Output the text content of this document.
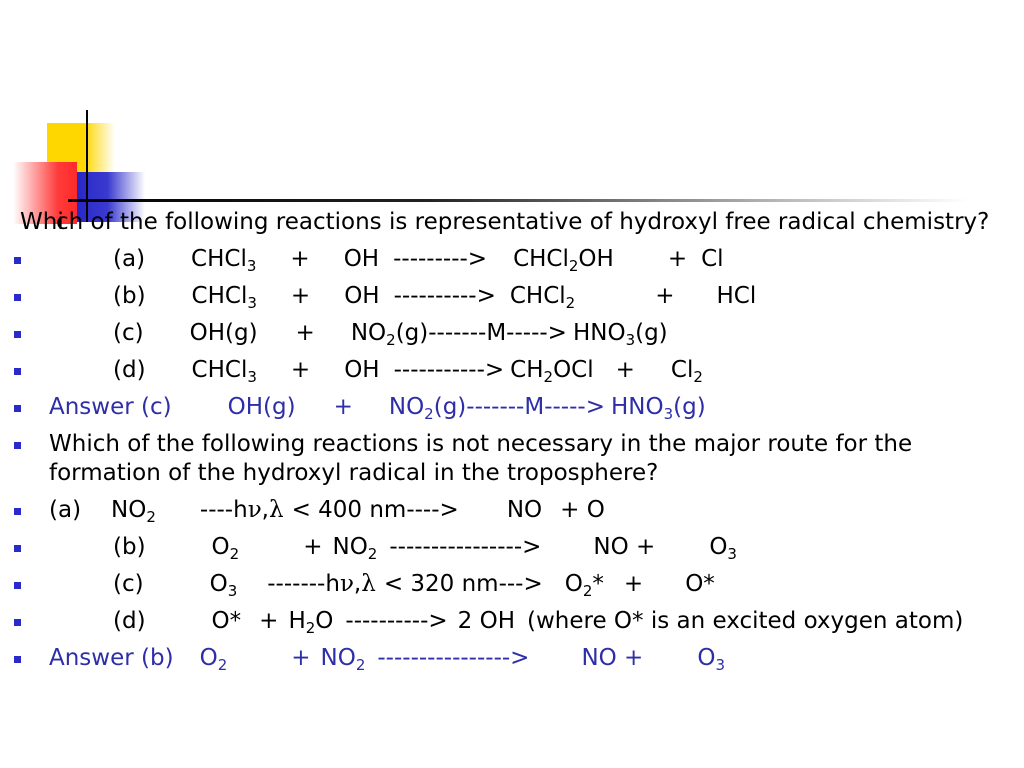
Whi
ch of the following reactions is representative of hydroxyl free radical chemistry?
(a) CHCl$_3$ + OH ---------> CHCl$_2$OH + Cl
(b) CHCl$_3$ + OH ----------> CHCl$_2$	+ HCl
(c) $OH(g) + NO_2(g)-------M-----> HNO_3(g)$
(d) CHCl$_3$ + OH -----------> $CH_2OCl + Cl_2$
Answer (c) $OH(g) + NO_2(g)-------M-----> HNO_3(g)$
Which of the following reactions is not necessary in the major route for the formation of the hydroxyl radical in the troposphere?
(a) $NO_2$ ----hν,λ < 400 nm----> NO + O
(b)	$O_2$	+ $NO_2$ ----------------> NO + $O_3$
(c)	$O_3$ -------hν,λ < 320 $nm---> O_2* + O*$
(d)	$O* + H_2O$ ----------> 2 OH (where O* is an excited oxygen atom)
Answer (b) $O_2$	+ $NO_2$ ----------------> NO + $O_3$
